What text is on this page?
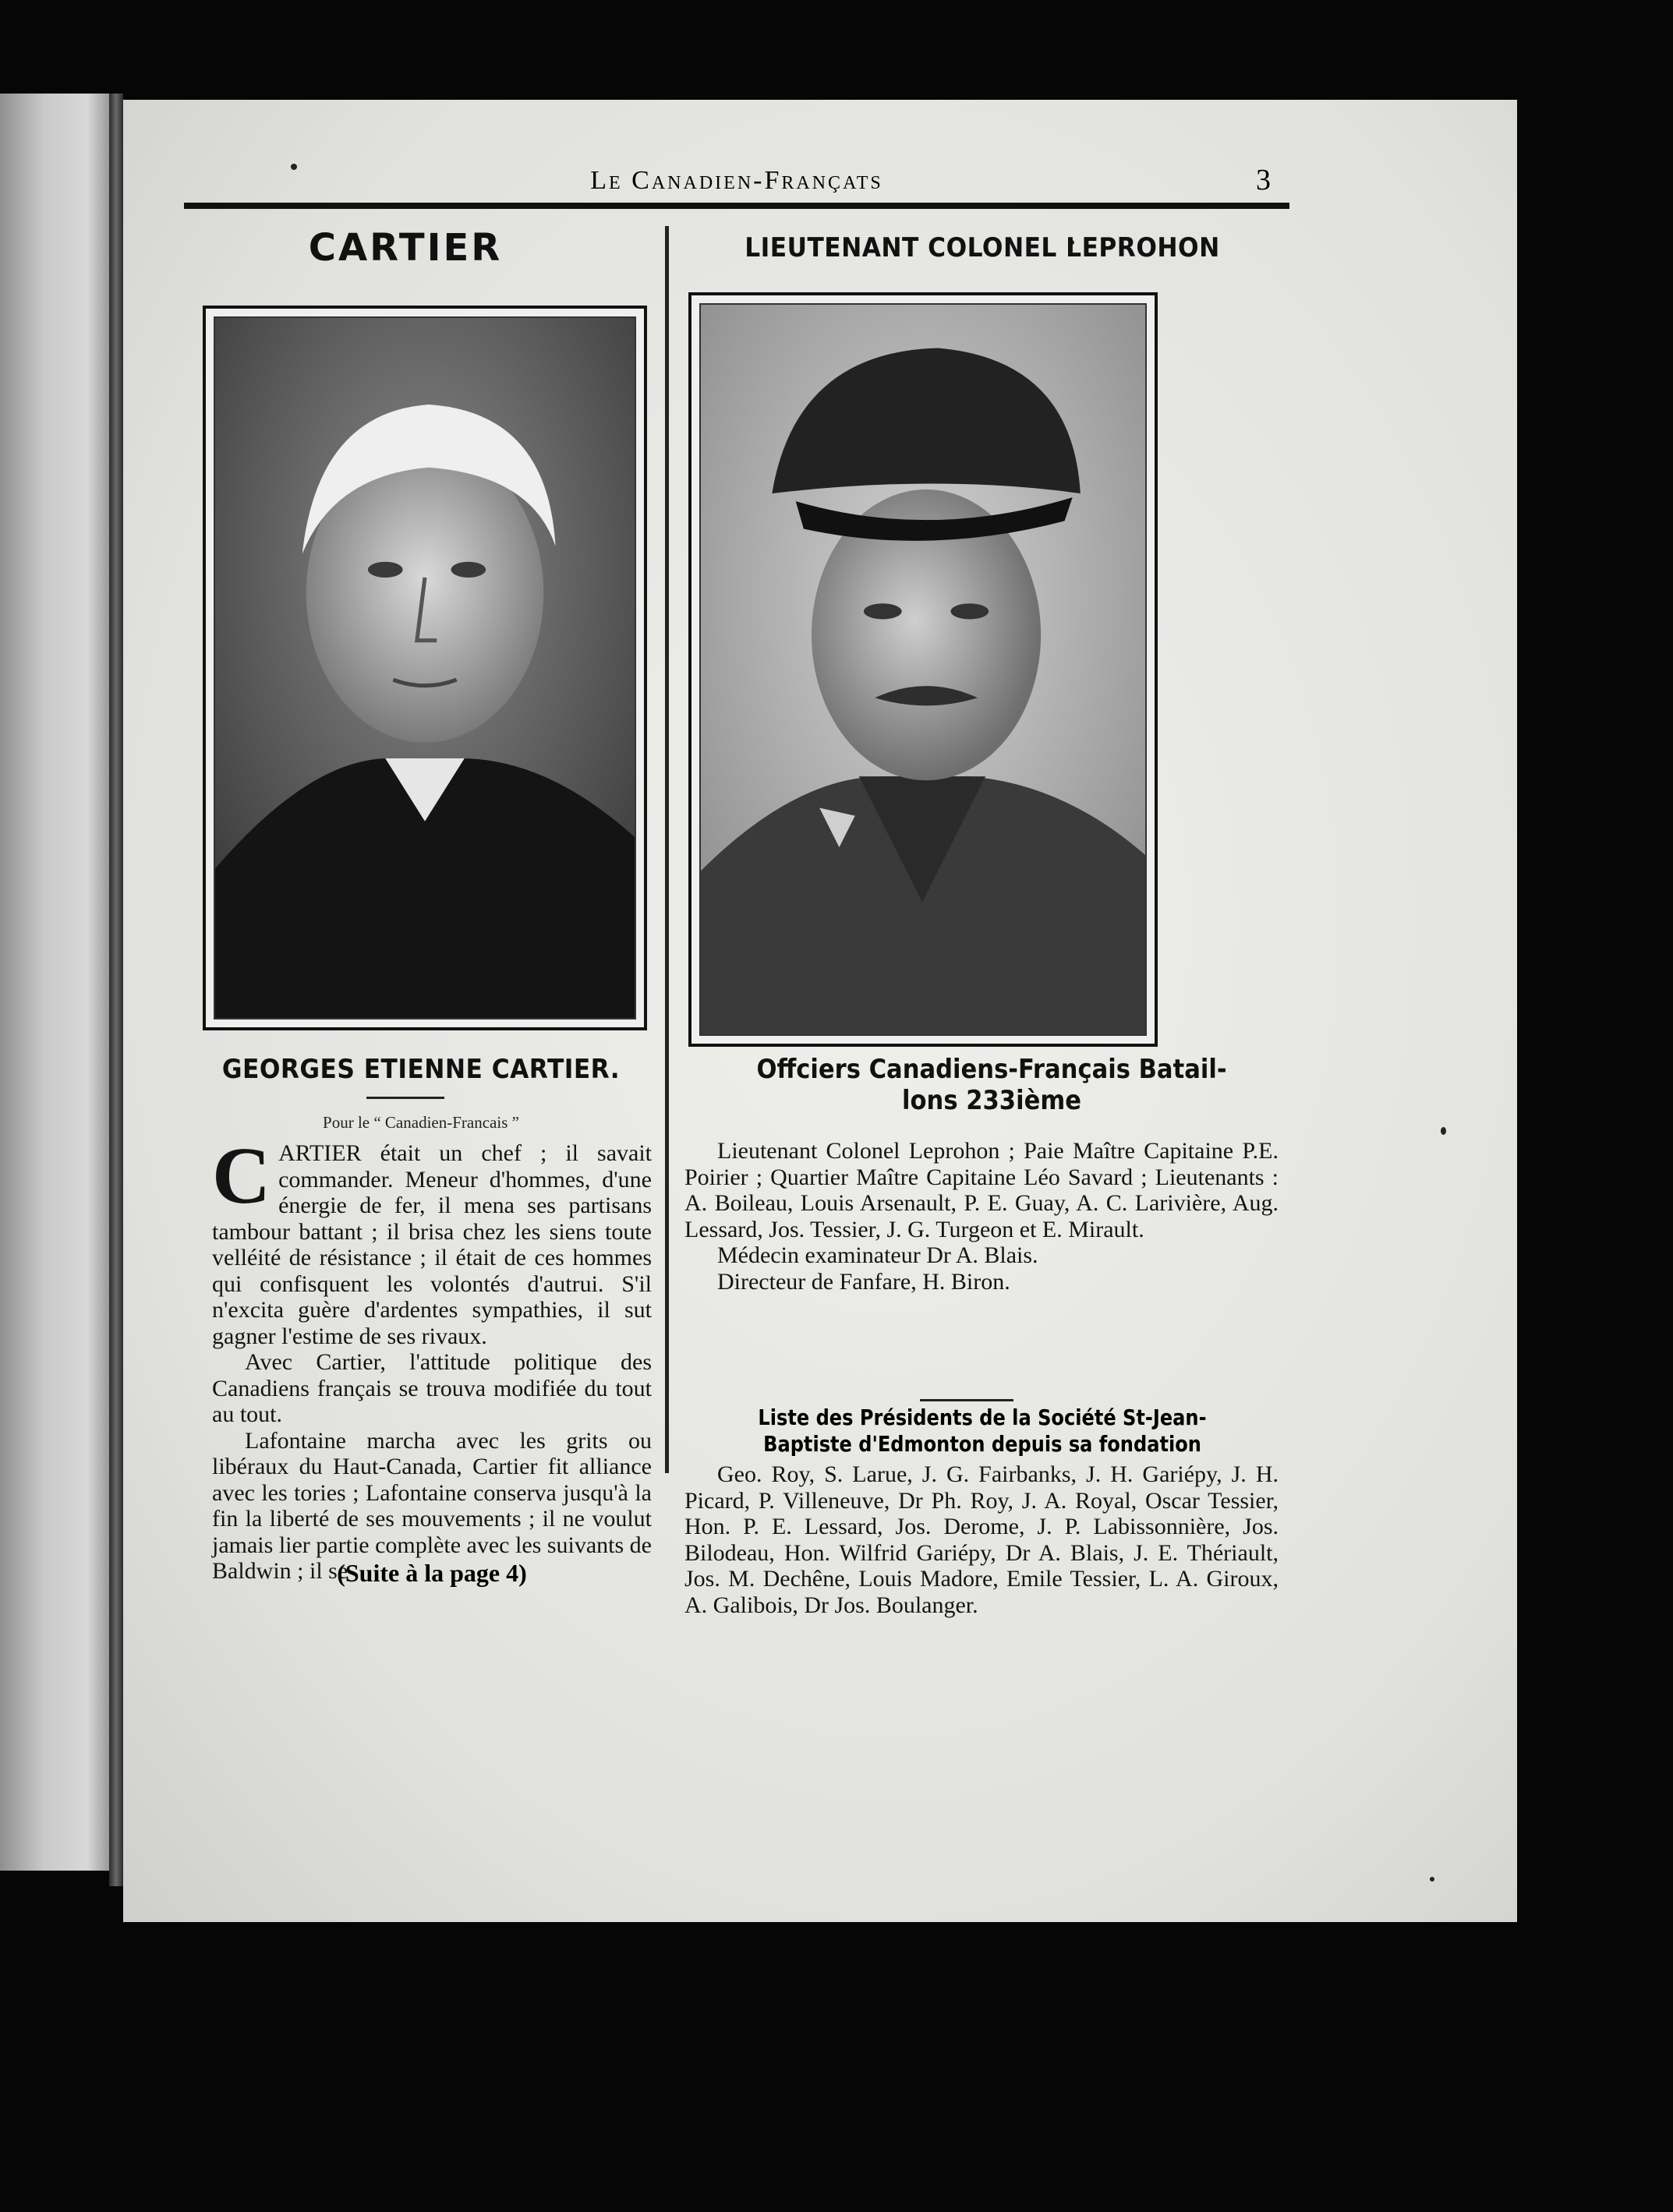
Le Canadien-Françats	3
CARTIER	LIEUTENANT COLONEL LEPROHON
GEORGES ETIENNE CARTIER.	Offciers Canadiens-Français Batail-
lons 233ième
Pour le “ Canadien-Francais ”

CARTIER était un chef ; il savait commander. Meneur d'hommes, d'une énergie de fer, il mena ses partisans tambour battant ; il brisa chez les siens toute velléité de résistance ; il était de ces hommes qui confisquent les volontés d'autrui. S'il n'excita guère d'ardentes sympathies, il sut gagner l'estime de ses rivaux.

Avec Cartier, l'attitude politique des Canadiens français se trouva modifiée du tout au tout.

Lafontaine marcha avec les grits ou libéraux du Haut-Canada, Cartier fit alliance avec les tories ; Lafontaine conserva jusqu'à la fin la liberté de ses mouvements ; il ne voulut jamais lier partie complète avec les suivants de Baldwin ; il se

(Suite à la page 4)

Lieutenant Colonel Leprohon ; Paie Maître Capitaine P.E. Poirier ; Quartier Maître Capitaine Léo Savard ; Lieutenants : A. Boileau, Louis Arsenault, P. E. Guay, A. C. Larivière, Aug. Lessard, Jos. Tessier, J. G. Turgeon et E. Mirault.

Médecin examinateur Dr A. Blais.

Directeur de Fanfare, H. Biron.

Liste des Présidents de la Société St-Jean-
Baptiste d'Edmonton depuis sa fondation

Geo. Roy, S. Larue, J. G. Fairbanks, J. H. Gariépy, J. H. Picard, P. Villeneuve, Dr Ph. Roy, J. A. Royal, Oscar Tessier, Hon. P. E. Lessard, Jos. Derome, J. P. Labissonnière, Jos. Bilodeau, Hon. Wilfrid Gariépy, Dr A. Blais, J. E. Thériault, Jos. M. Dechêne, Louis Madore, Emile Tessier, L. A. Giroux, A. Galibois, Dr Jos. Boulanger.
